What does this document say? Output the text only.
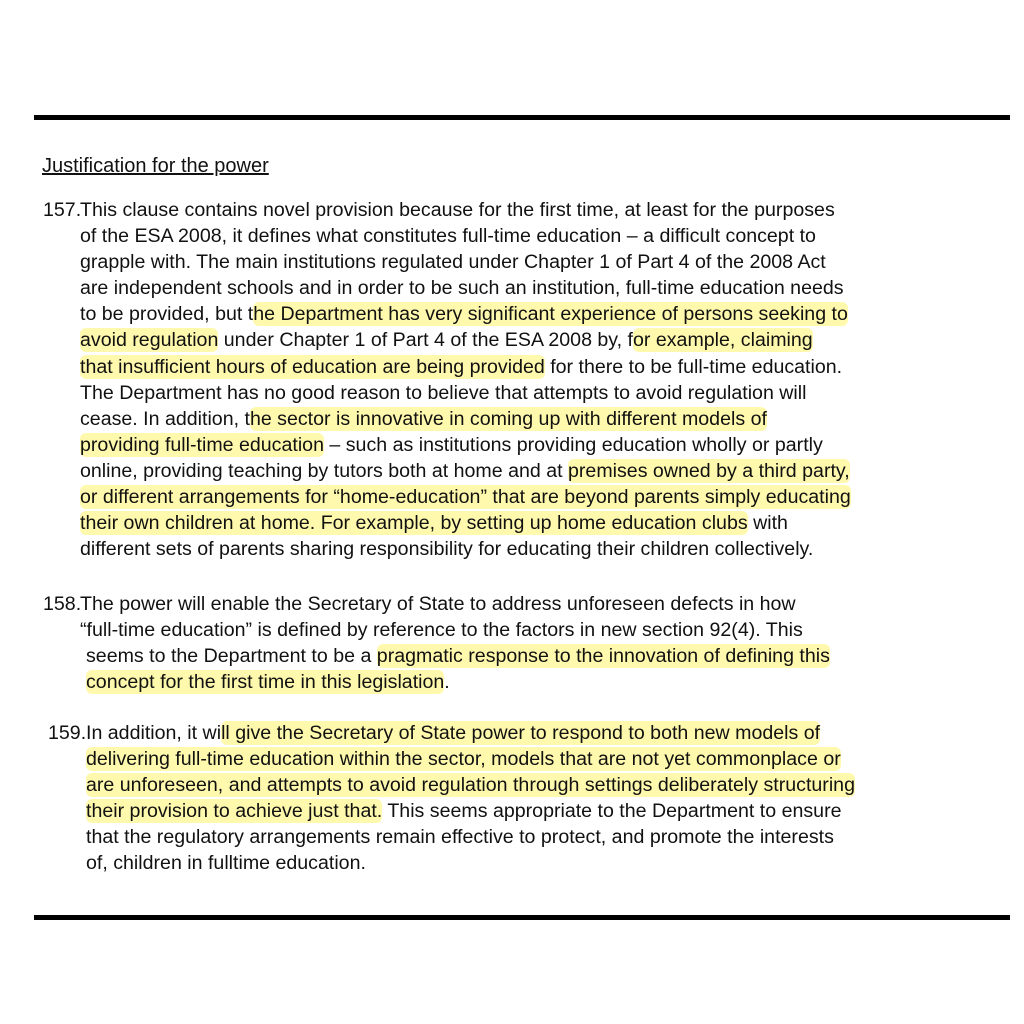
Justification for the power
157.
This clause contains novel provision because for the first time, at least for the purposes
of the ESA 2008, it defines what constitutes full-time education – a difficult concept to
grapple with. The main institutions regulated under Chapter 1 of Part 4 of the 2008 Act
are independent schools and in order to be such an institution, full-time education needs
to be provided, but the Department has very significant experience of persons seeking to
avoid regulation under Chapter 1 of Part 4 of the ESA 2008 by, for example, claiming
that insufficient hours of education are being provided for there to be full-time education.
The Department has no good reason to believe that attempts to avoid regulation will
cease. In addition, the sector is innovative in coming up with different models of
providing full-time education – such as institutions providing education wholly or partly
online, providing teaching by tutors both at home and at premises owned by a third party,
or different arrangements for “home-education” that are beyond parents simply educating
their own children at home. For example, by setting up home education clubs with
different sets of parents sharing responsibility for educating their children collectively.
158.
The power will enable the Secretary of State to address unforeseen defects in how
“full-time education” is defined by reference to the factors in new section 92(4). This
seems to the Department to be a pragmatic response to the innovation of defining this
concept for the first time in this legislation.
159. In addition, it will give the Secretary of State power to respond to both new models of
delivering full-time education within the sector, models that are not yet commonplace or
are unforeseen, and attempts to avoid regulation through settings deliberately structuring
their provision to achieve just that. This seems appropriate to the Department to ensure
that the regulatory arrangements remain effective to protect, and promote the interests
of, children in fulltime education.
